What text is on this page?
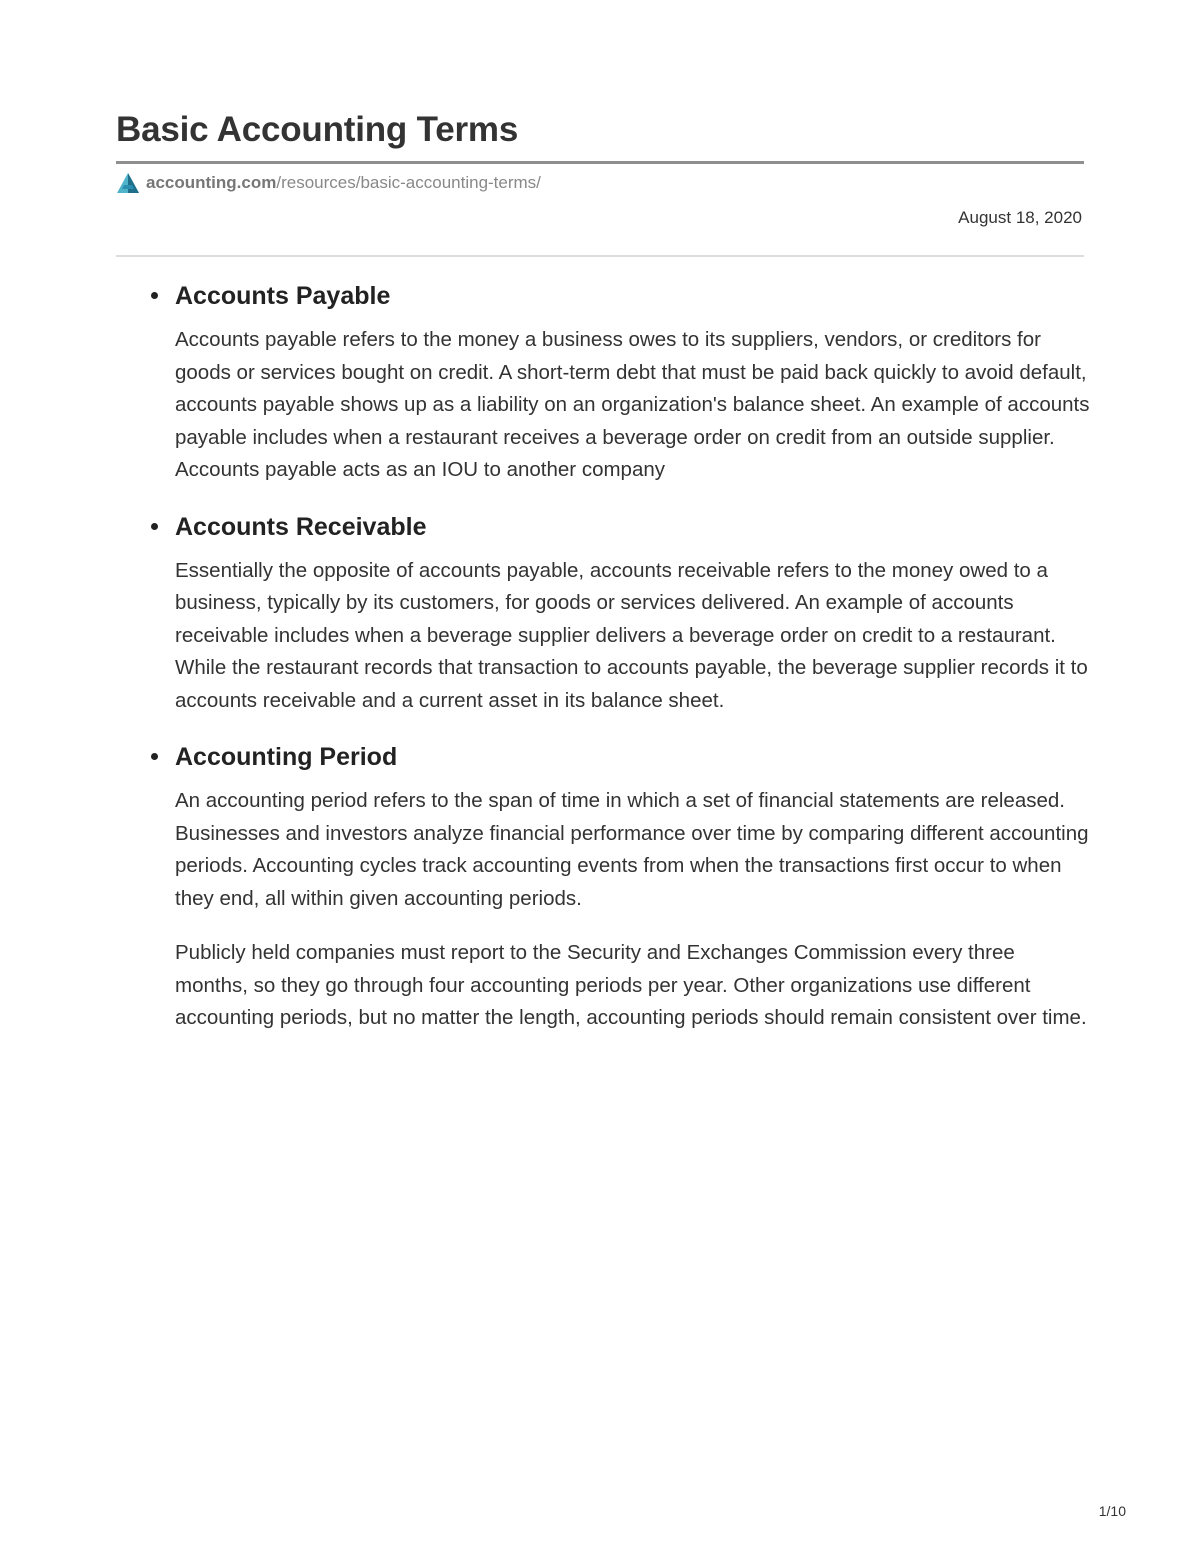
Basic Accounting Terms
accounting.com /resources/basic-accounting-terms/
August 18, 2020
Accounts Payable

Accounts payable refers to the money a business owes to its suppliers, vendors, or creditors for goods or services bought on credit. A short-term debt that must be paid back quickly to avoid default, accounts payable shows up as a liability on an organization's balance sheet. An example of accounts payable includes when a restaurant receives a beverage order on credit from an outside supplier. Accounts payable acts as an IOU to another company

Accounts Receivable

Essentially the opposite of accounts payable, accounts receivable refers to the money owed to a business, typically by its customers, for goods or services delivered. An example of accounts receivable includes when a beverage supplier delivers a beverage order on credit to a restaurant. While the restaurant records that transaction to accounts payable, the beverage supplier records it to accounts receivable and a current asset in its balance sheet.

Accounting Period

An accounting period refers to the span of time in which a set of financial statements are released. Businesses and investors analyze financial performance over time by comparing different accounting periods. Accounting cycles track accounting events from when the transactions first occur to when they end, all within given accounting periods.

Publicly held companies must report to the Security and Exchanges Commission every three months, so they go through four accounting periods per year. Other organizations use different accounting periods, but no matter the length, accounting periods should remain consistent over time.

1/10
